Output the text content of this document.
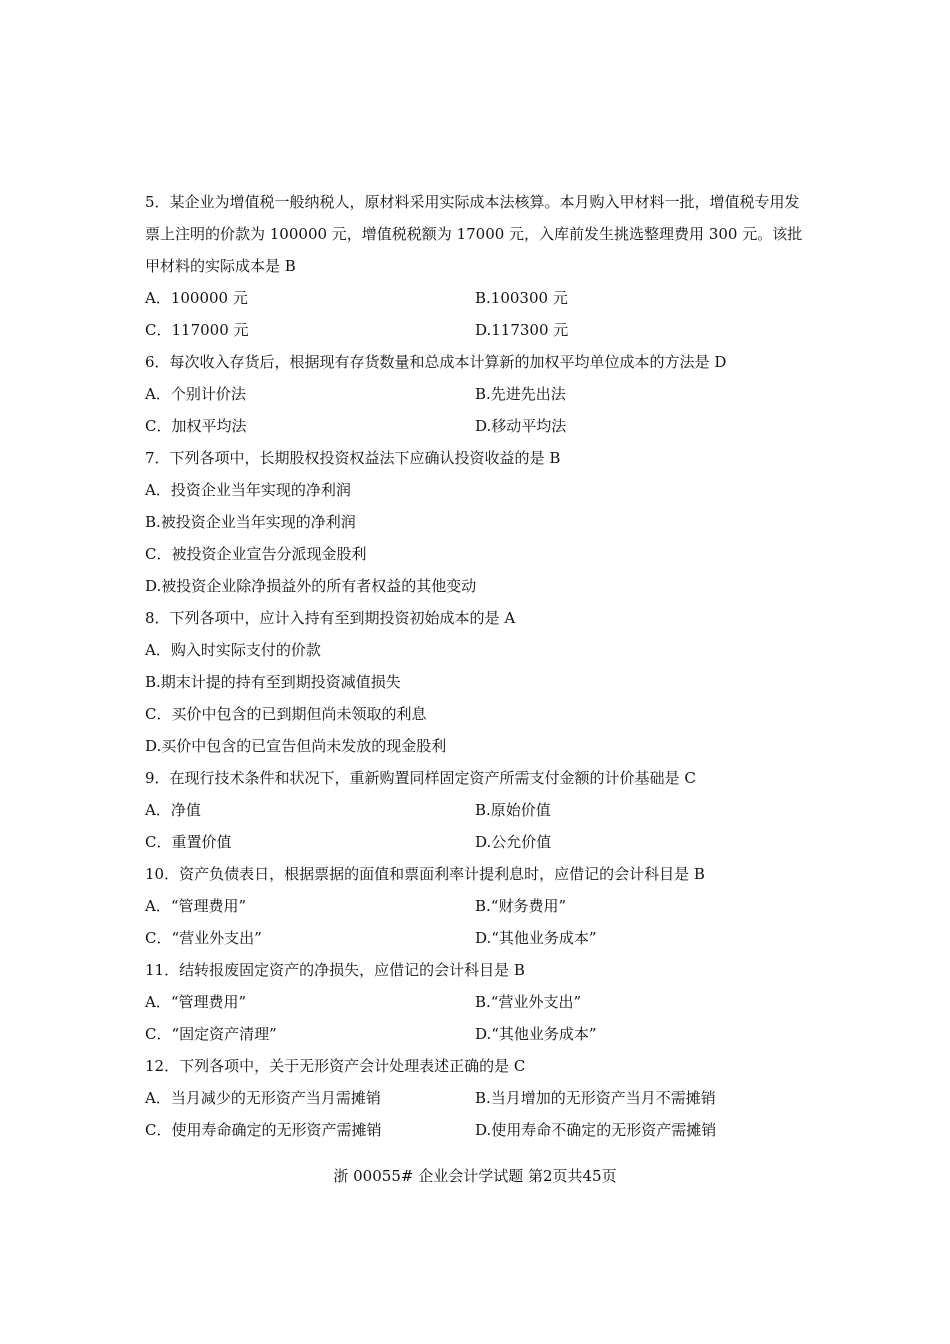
5．某企业为增值税一般纳税人，原材料采用实际成本法核算。本月购入甲材料一批，增值税专用发票上注明的价款为 100000 元，增值税税额为 17000 元，入库前发生挑选整理费用 300 元。该批甲材料的实际成本是 B
A．100000 元	B.100300 元
C．117000 元	D.117300 元
6．每次收入存货后，根据现有存货数量和总成本计算新的加权平均单位成本的方法是 D
A．个别计价法	B.先进先出法
C．加权平均法	D.移动平均法
7．下列各项中，长期股权投资权益法下应确认投资收益的是 B
A．投资企业当年实现的净利润
B.被投资企业当年实现的净利润
C．被投资企业宣告分派现金股利
D.被投资企业除净损益外的所有者权益的其他变动
8．下列各项中，应计入持有至到期投资初始成本的是 A
A．购入时实际支付的价款
B.期末计提的持有至到期投资减值损失
C．买价中包含的已到期但尚未领取的利息
D.买价中包含的已宣告但尚未发放的现金股利
9．在现行技术条件和状况下，重新购置同样固定资产所需支付金额的计价基础是 C
A．净值	B.原始价值
C．重置价值	D.公允价值
10．资产负债表日，根据票据的面值和票面利率计提利息时，应借记的会计科目是 B
A．“管理费用”	B.“财务费用”
C．“营业外支出”	D.“其他业务成本”
11．结转报废固定资产的净损失，应借记的会计科目是 B
A．“管理费用”	B.“营业外支出”
C．“固定资产清理”	D.“其他业务成本”
12．下列各项中，关于无形资产会计处理表述正确的是 C
A．当月减少的无形资产当月需摊销	B.当月增加的无形资产当月不需摊销
C．使用寿命确定的无形资产需摊销	D.使用寿命不确定的无形资产需摊销
浙 00055# 企业会计学试题 第2页共45页
